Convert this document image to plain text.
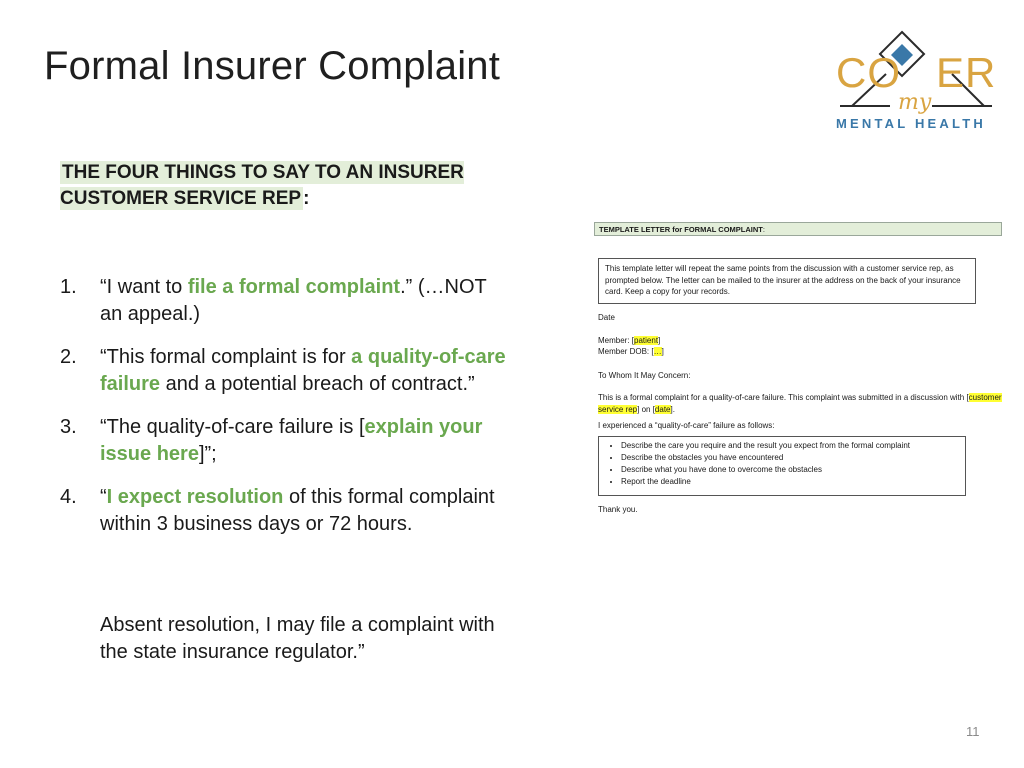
Formal Insurer Complaint	CO ER
my
MENTAL HEALTH
THE FOUR THINGS TO SAY TO AN INSURER CUSTOMER SERVICE REP :
1. “I want to file a formal complaint.” (…NOT an appeal.)
2. “This formal complaint is for a quality-of-care failure and a potential breach of contract.”
3. “The quality-of-care failure is [explain your issue here]”;
4. “I expect resolution of this formal complaint within 3 business days or 72 hours.
Absent resolution, I may file a complaint with the state insurance regulator.”
TEMPLATE LETTER for FORMAL COMPLAINT:
This template letter will repeat the same points from the discussion with a customer service rep, as prompted below. The letter can be mailed to the insurer at the address on the back of your insurance card. Keep a copy for your records.
Date
Member: [patient]
Member DOB: […]
To Whom It May Concern:
This is a formal complaint for a quality-of-care failure. This complaint was submitted in a discussion with [customer service rep] on [date].
I experienced a “quality-of-care” failure as follows:
• Describe the care you require and the result you expect from the formal complaint
• Describe the obstacles you have encountered
• Describe what you have done to overcome the obstacles
• Report the deadline
Thank you.
11
